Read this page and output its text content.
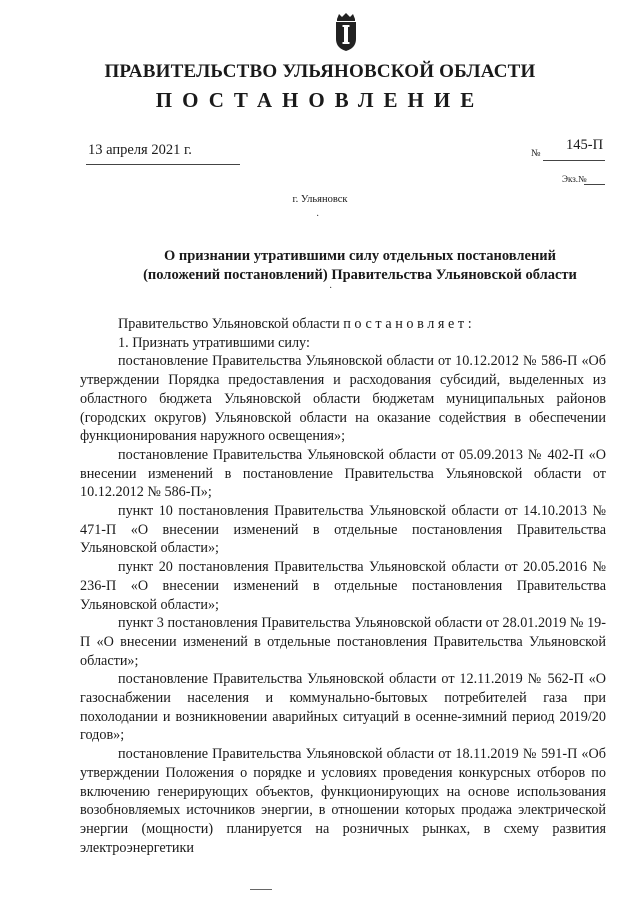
ПРАВИТЕЛЬСТВО УЛЬЯНОВСКОЙ ОБЛАСТИ
ПОСТАНОВЛЕНИЕ
13 апреля 2021 г.	№
145-П
Экз.№
г. Ульяновск
·
·
О признании утратившими силу отдельных постановлений
(положений постановлений) Правительства Ульяновской области

Правительство Ульяновской области постановляет:

1. Признать утратившими силу:

постановление Правительства Ульяновской области от 10.12.2012 № 586-П «Об утверждении Порядка предоставления и расходования субсидий, выделенных из областного бюджета Ульяновской области бюджетам муниципальных районов (городских округов) Ульяновской области на оказание содействия в обеспечении функционирования наружного освещения»;

постановление Правительства Ульяновской области от 05.09.2013 № 402-П «О внесении изменений в постановление Правительства Ульяновской области от 10.12.2012 № 586-П»;

пункт 10 постановления Правительства Ульяновской области от 14.10.2013 № 471-П «О внесении изменений в отдельные постановления Правительства Ульяновской области»;

пункт 20 постановления Правительства Ульяновской области от 20.05.2016 № 236-П «О внесении изменений в отдельные постановления Правительства Ульяновской области»;

пункт 3 постановления Правительства Ульяновской области от 28.01.2019 № 19-П «О внесении изменений в отдельные постановления Правительства Ульяновской области»;

постановление Правительства Ульяновской области от 12.11.2019 № 562-П «О газоснабжении населения и коммунально-бытовых потребителей газа при похолодании и возникновении аварийных ситуаций в осенне-зимний период 2019/20 годов»;

постановление Правительства Ульяновской области от 18.11.2019 № 591-П «Об утверждении Положения о порядке и условиях проведения конкурсных отборов по включению генерирующих объектов, функционирующих на основе использования возобновляемых источников энергии, в отношении которых продажа электрической энергии (мощности) планируется на розничных рынках, в схему развития электроэнергетики
